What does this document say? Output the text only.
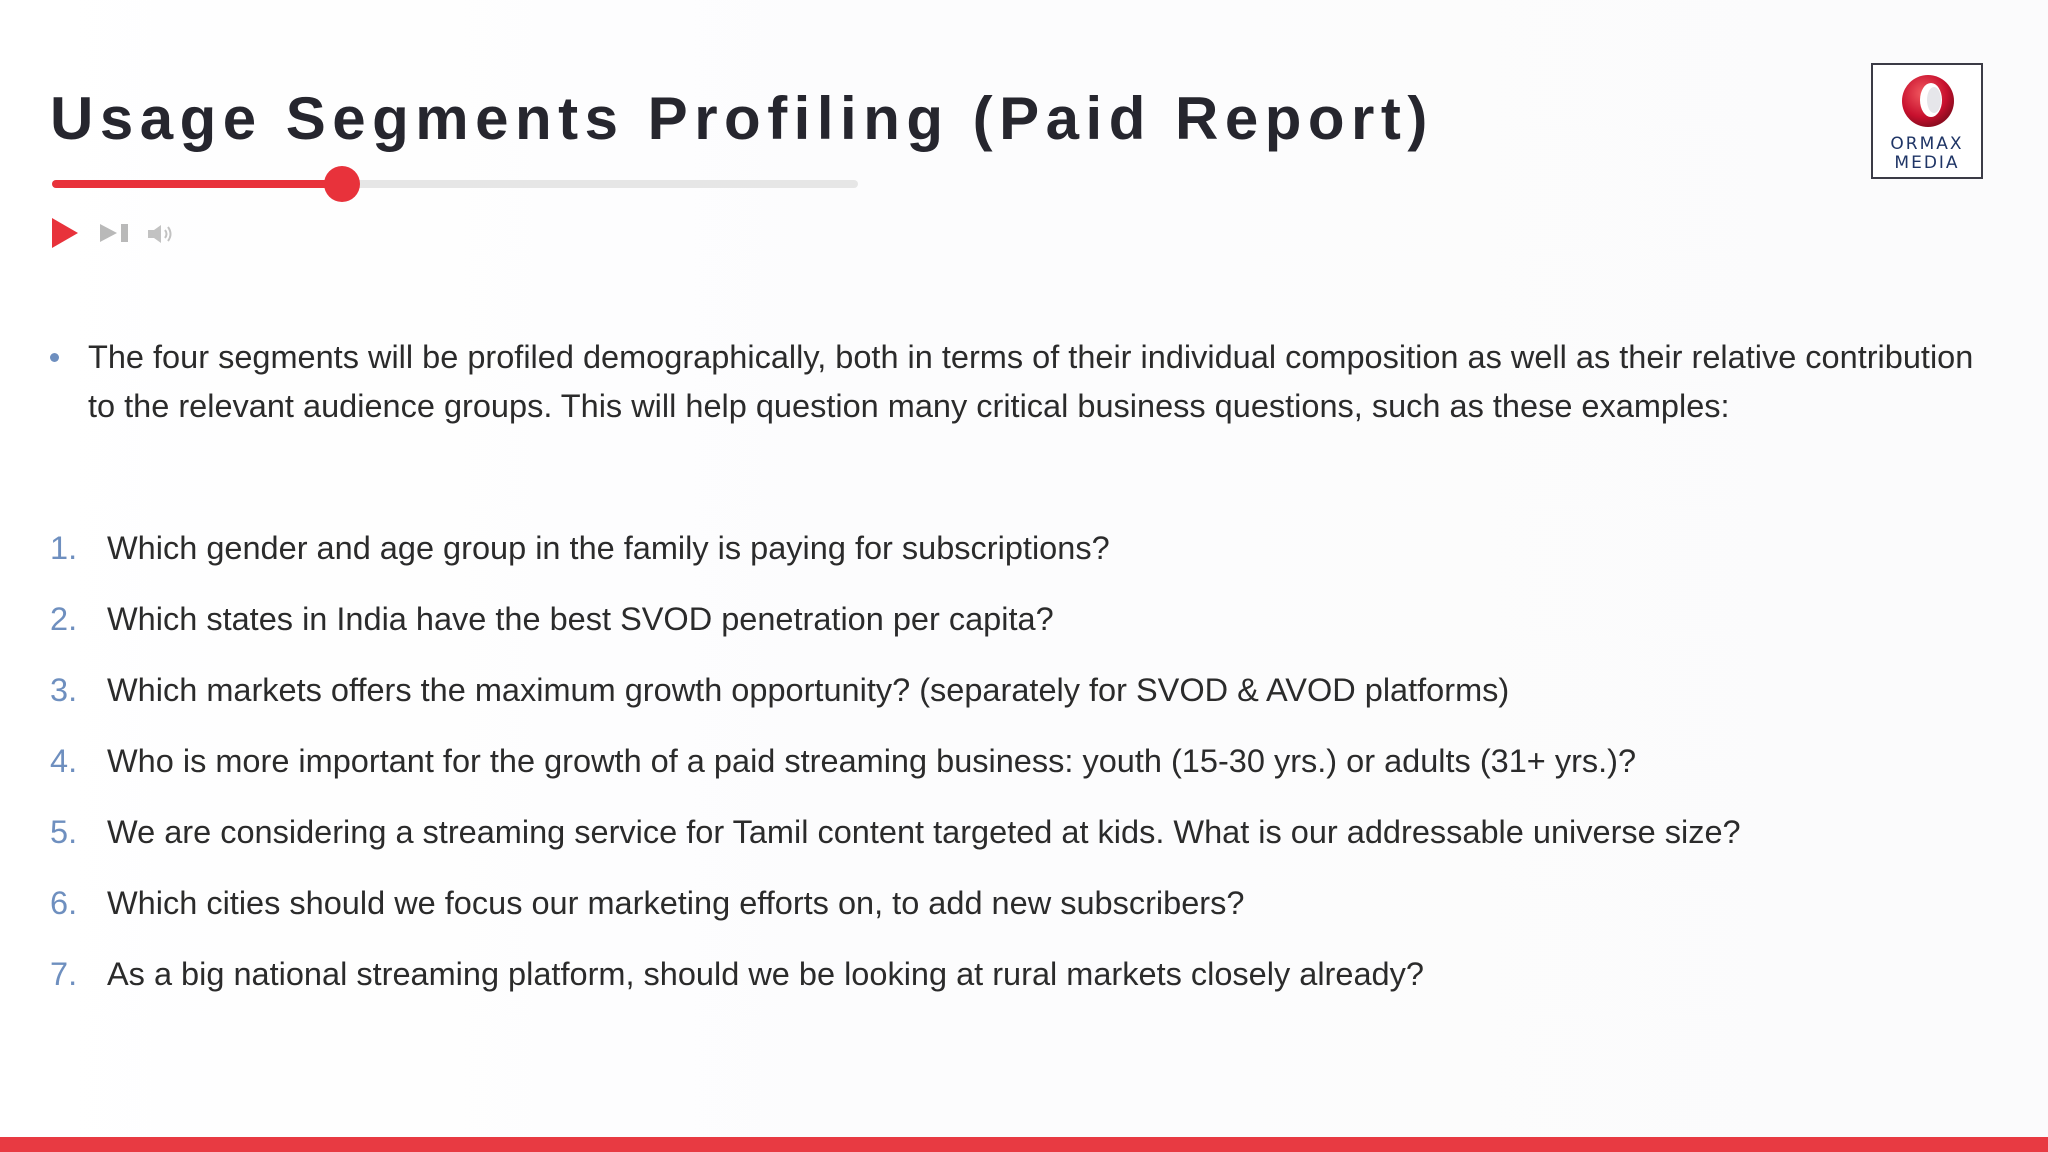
Usage Segments Profiling (Paid Report)	ORMAX
MEDIA
The four segments will be profiled demographically, both in terms of their individual composition as well as their relative contribution to the relevant audience groups. This will help question many critical business questions, such as these examples:
1. Which gender and age group in the family is paying for subscriptions?
2. Which states in India have the best SVOD penetration per capita?
3. Which markets offers the maximum growth opportunity? (separately for SVOD & AVOD platforms)
4. Who is more important for the growth of a paid streaming business: youth (15-30 yrs.) or adults (31+ yrs.)?
5. We are considering a streaming service for Tamil content targeted at kids. What is our addressable universe size?
6. Which cities should we focus our marketing efforts on, to add new subscribers?
7. As a big national streaming platform, should we be looking at rural markets closely already?
